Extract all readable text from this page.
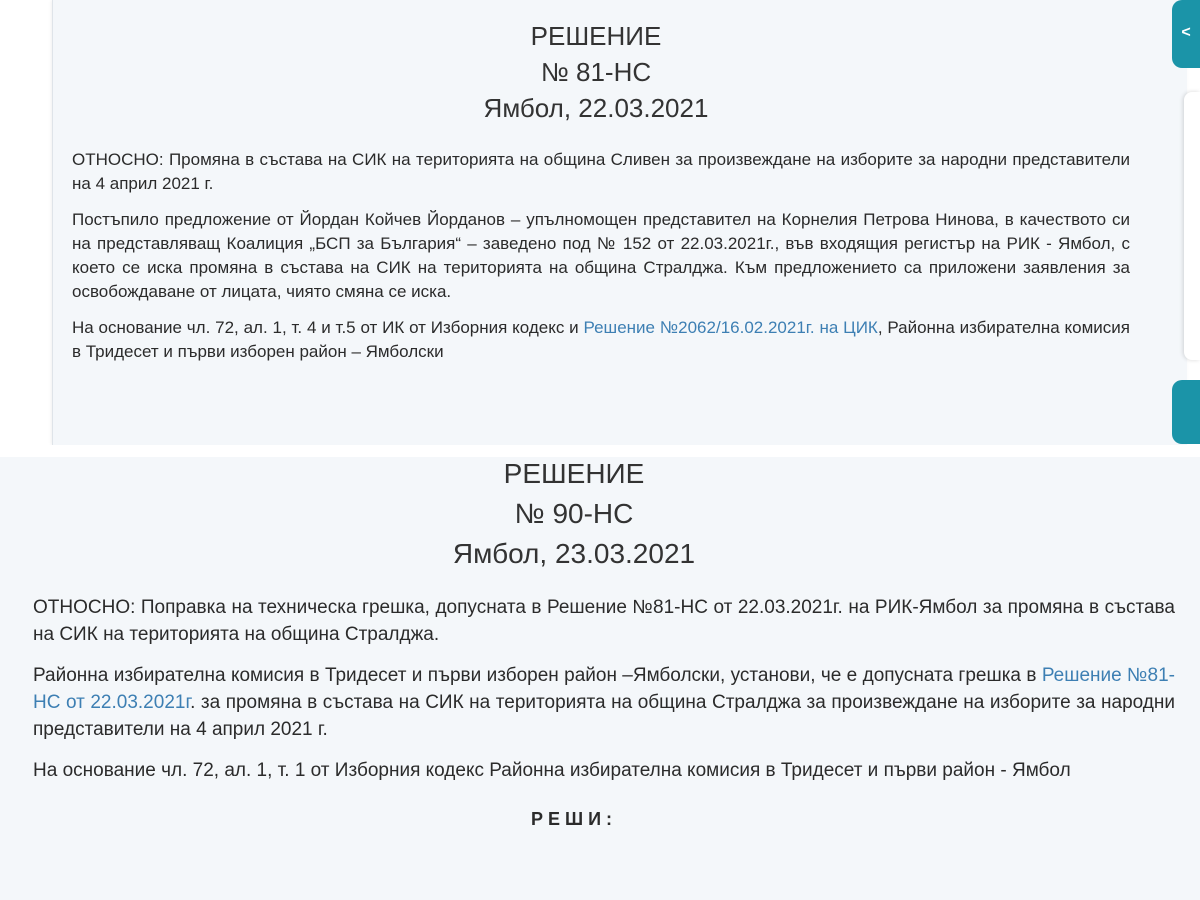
РЕШЕНИЕ

№ 81-НС

Ямбол, 22.03.2021

ОТНОСНО: Промяна в състава на СИК на територията на община Сливен за произвеждане на изборите за народни представители на 4 април 2021 г.

Постъпило предложение от Йордан Койчев Йорданов – упълномощен представител на Корнелия Петрова Нинова, в качеството си на представляващ Коалиция „БСП за България“ – заведено под № 152 от 22.03.2021г., във входящия регистър на РИК - Ямбол, с което се иска промяна в състава на СИК на територията на община Стралджа. Към предложението са приложени заявления за освобождаване от лицата, чиято смяна се иска.

На основание чл. 72, ал. 1, т. 4 и т.5 от ИК от Изборния кодекс и Решение №2062/16.02.2021г. на ЦИК, Районна избирателна комисия в Тридесет и първи изборен район – Ямболски

<

РЕШЕНИЕ

№ 90-НС

Ямбол, 23.03.2021

ОТНОСНО: Поправка на техническа грешка, допусната в Решение №81-НС от 22.03.2021г. на РИК-Ямбол за промяна в състава на СИК на територията на община Стралджа.

Районна избирателна комисия в Тридесет и първи изборен район –Ямболски, установи, че е допусната грешка в Решение №81-НС от 22.03.2021г. за промяна в състава на СИК на територията на община Стралджа за произвеждане на изборите за народни представители на 4 април 2021 г.

На основание чл. 72, ал. 1, т. 1 от Изборния кодекс Районна избирателна комисия в Тридесет и първи район - Ямбол

РЕШИ:
